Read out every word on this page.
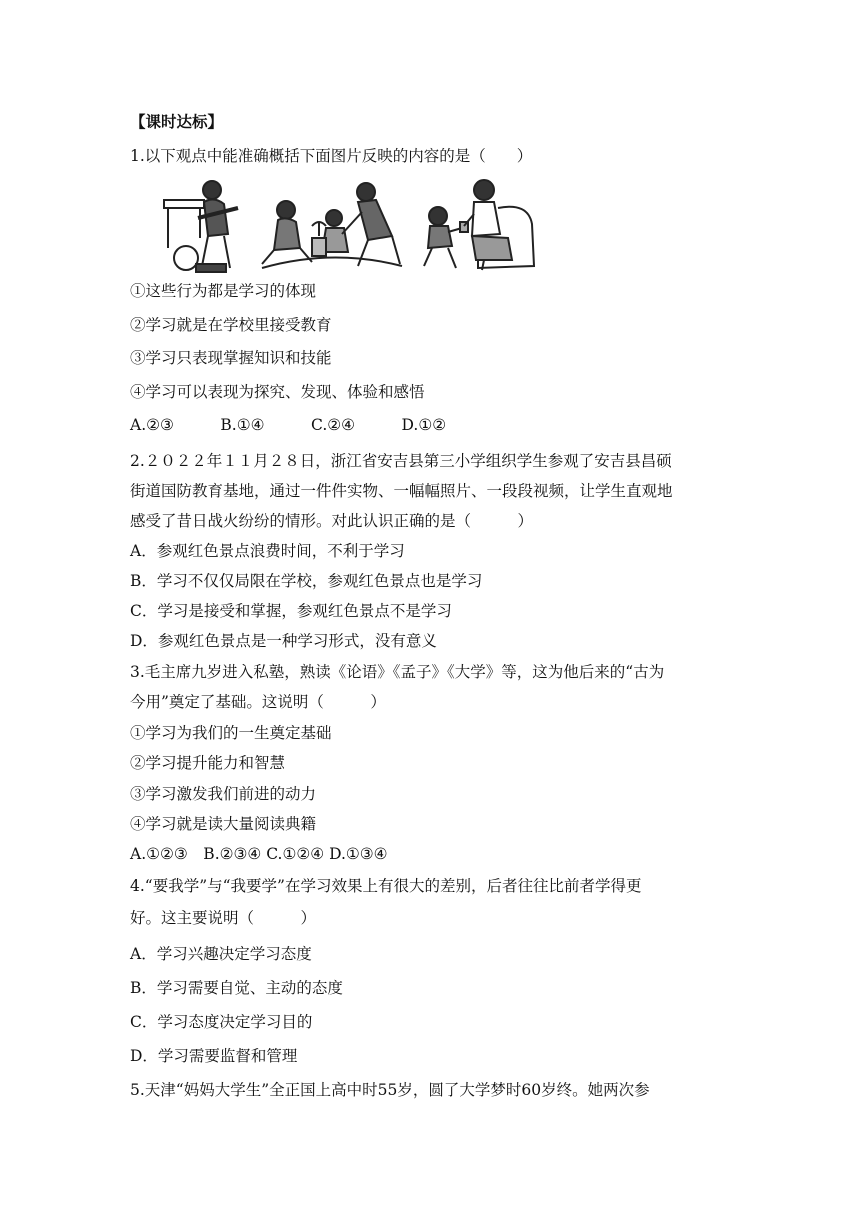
【课时达标】
1.以下观点中能准确概括下面图片反映的内容的是（　　）
①这些行为都是学习的体现
②学习就是在学校里接受教育
③学习只表现掌握知识和技能
④学习可以表现为探究、发现、体验和感悟
A.②③　　　B.①④　　　C.②④　　　D.①②
2.２０２２年１１月２８日，浙江省安吉县第三小学组织学生参观了安吉县昌硕
街道国防教育基地，通过一件件实物、一幅幅照片、一段段视频，让学生直观地
感受了昔日战火纷纷的情形。对此认识正确的是（　　　）
A．参观红色景点浪费时间，不利于学习
B．学习不仅仅局限在学校，参观红色景点也是学习
C．学习是接受和掌握，参观红色景点不是学习
D．参观红色景点是一种学习形式，没有意义
3.毛主席九岁进入私塾，熟读《论语》《孟子》《大学》等，这为他后来的“古为
今用”奠定了基础。这说明（　　　）
①学习为我们的一生奠定基础
②学习提升能力和智慧
③学习激发我们前进的动力
④学习就是读大量阅读典籍
A.①②③　B.②③④ C.①②④ D.①③④
4.“要我学”与“我要学”在学习效果上有很大的差别，后者往往比前者学得更
好。这主要说明（　　　）
A．学习兴趣决定学习态度
B．学习需要自觉、主动的态度
C．学习态度决定学习目的
D．学习需要监督和管理
5.天津“妈妈大学生”全正国上高中时55岁，圆了大学梦时60岁终。她两次参
